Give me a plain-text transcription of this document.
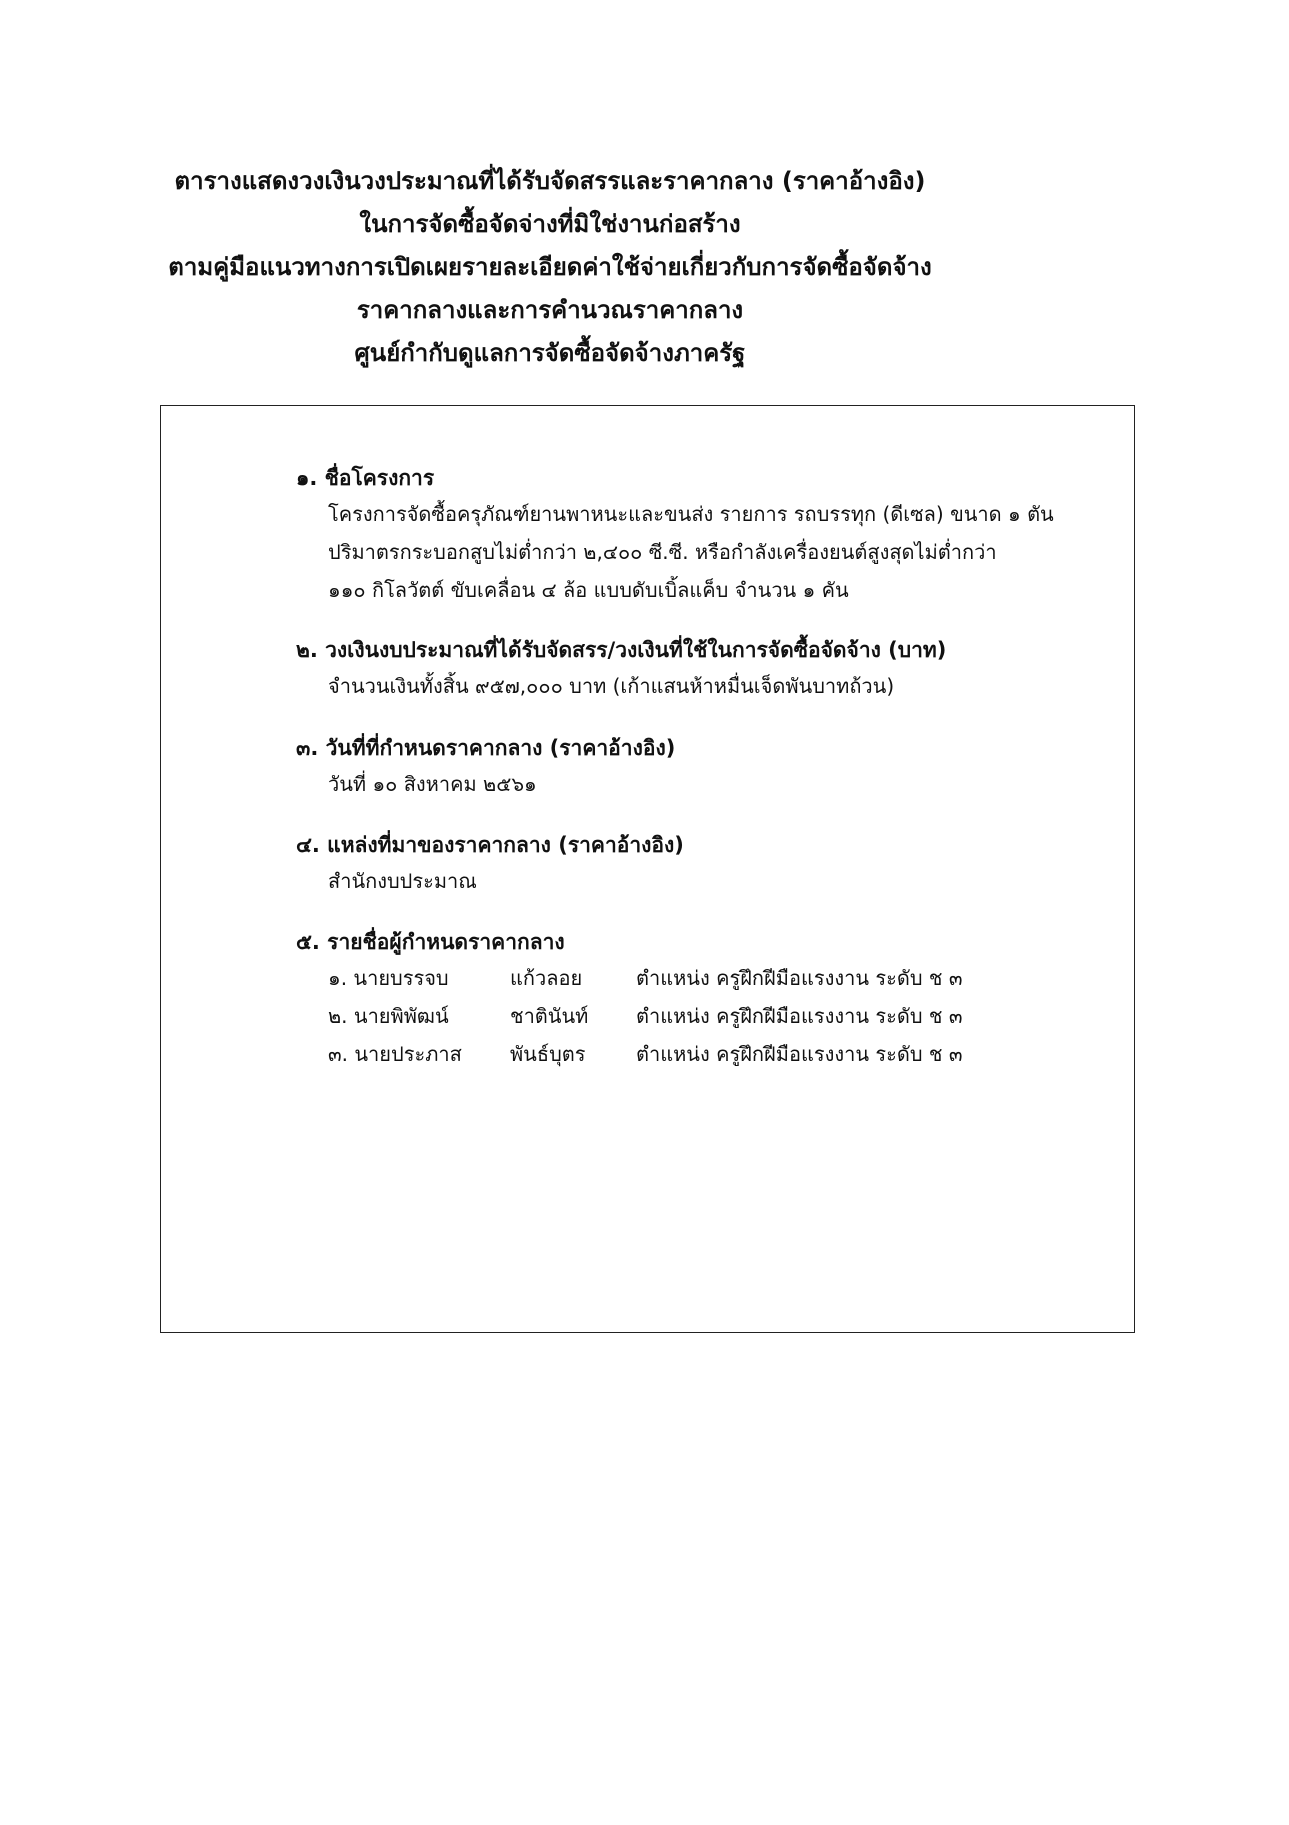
ตารางแสดงวงเงินวงประมาณที่ได้รับจัดสรรและราคากลาง (ราคาอ้างอิง)
ในการจัดซื้อจัดจ่างที่มิใช่งานก่อสร้าง
ตามคู่มือแนวทางการเปิดเผยรายละเอียดค่าใช้จ่ายเกี่ยวกับการจัดซื้อจัดจ้าง
ราคากลางและการคำนวณราคากลาง
ศูนย์กำกับดูแลการจัดซื้อจัดจ้างภาครัฐ
๑. ชื่อโครงการ
โครงการจัดซื้อครุภัณฑ์ยานพาหนะและขนส่ง รายการ รถบรรทุก (ดีเซล) ขนาด ๑ ตัน
ปริมาตรกระบอกสูบไม่ต่ำกว่า ๒,๔๐๐ ซี.ซี. หรือกำลังเครื่องยนต์สูงสุดไม่ต่ำกว่า
๑๑๐ กิโลวัตต์ ขับเคลื่อน ๔ ล้อ แบบดับเบิ้ลแค็บ จำนวน ๑ คัน
๒. วงเงินงบประมาณที่ได้รับจัดสรร/วงเงินที่ใช้ในการจัดซื้อจัดจ้าง (บาท)
จำนวนเงินทั้งสิ้น ๙๕๗,๐๐๐ บาท (เก้าแสนห้าหมื่นเจ็ดพันบาทถ้วน)
๓. วันที่ที่กำหนดราคากลาง (ราคาอ้างอิง)
วันที่ ๑๐ สิงหาคม ๒๕๖๑
๔. แหล่งที่มาของราคากลาง (ราคาอ้างอิง)
สำนักงบประมาณ
๕. รายชื่อผู้กำหนดราคากลาง
๑. นายบรรจบ	แก้วลอย	ตำแหน่ง ครูฝึกฝีมือแรงงาน ระดับ ช ๓
๒. นายพิพัฒน์	ชาตินันท์	ตำแหน่ง ครูฝึกฝีมือแรงงาน ระดับ ช ๓
๓. นายประภาส	พันธ์บุตร	ตำแหน่ง ครูฝึกฝีมือแรงงาน ระดับ ช ๓
